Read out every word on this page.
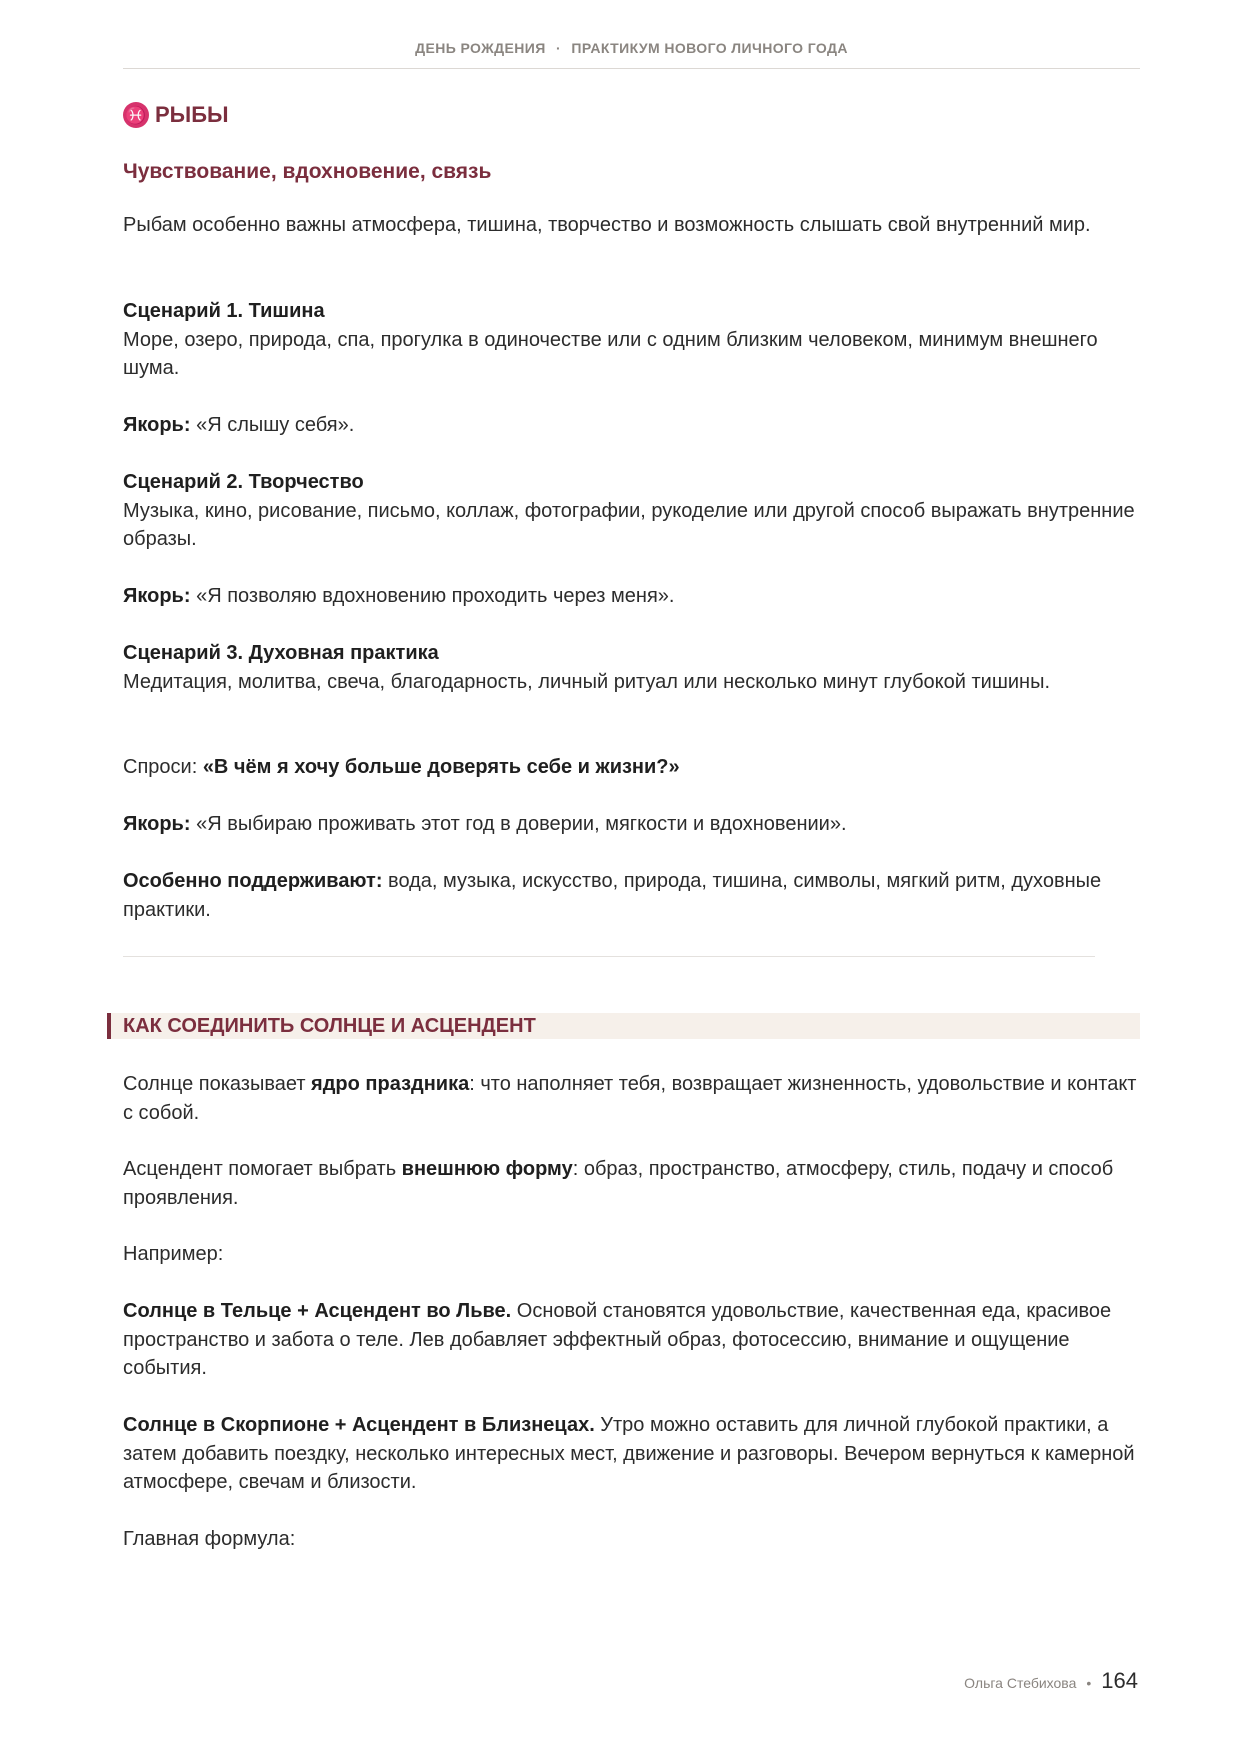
ДЕНЬ РОЖДЕНИЯ · ПРАКТИКУМ НОВОГО ЛИЧНОГО ГОДА
♓ РЫБЫ
Чувствование, вдохновение, связь
Рыбам особенно важны атмосфера, тишина, творчество и возможность слышать свой внутренний мир.
Сценарий 1. Тишина
Море, озеро, природа, спа, прогулка в одиночестве или с одним близким человеком, минимум внешнего шума.
Якорь: «Я слышу себя».
Сценарий 2. Творчество
Музыка, кино, рисование, письмо, коллаж, фотографии, рукоделие или другой способ выражать внутренние образы.
Якорь: «Я позволяю вдохновению проходить через меня».
Сценарий 3. Духовная практика
Медитация, молитва, свеча, благодарность, личный ритуал или несколько минут глубокой тишины.
Спроси: «В чём я хочу больше доверять себе и жизни?»
Якорь: «Я выбираю проживать этот год в доверии, мягкости и вдохновении».
Особенно поддерживают: вода, музыка, искусство, природа, тишина, символы, мягкий ритм, духовные практики.
КАК СОЕДИНИТЬ СОЛНЦЕ И АСЦЕНДЕНТ
Солнце показывает ядро праздника: что наполняет тебя, возвращает жизненность, удовольствие и контакт с собой.
Асцендент помогает выбрать внешнюю форму: образ, пространство, атмосферу, стиль, подачу и способ проявления.
Например:
Солнце в Тельце + Асцендент во Льве. Основой становятся удовольствие, качественная еда, красивое пространство и забота о теле. Лев добавляет эффектный образ, фотосессию, внимание и ощущение события.
Солнце в Скорпионе + Асцендент в Близнецах. Утро можно оставить для личной глубокой практики, а затем добавить поездку, несколько интересных мест, движение и разговоры. Вечером вернуться к камерной атмосфере, свечам и близости.
Главная формула:
Ольга Стебихова • 164
